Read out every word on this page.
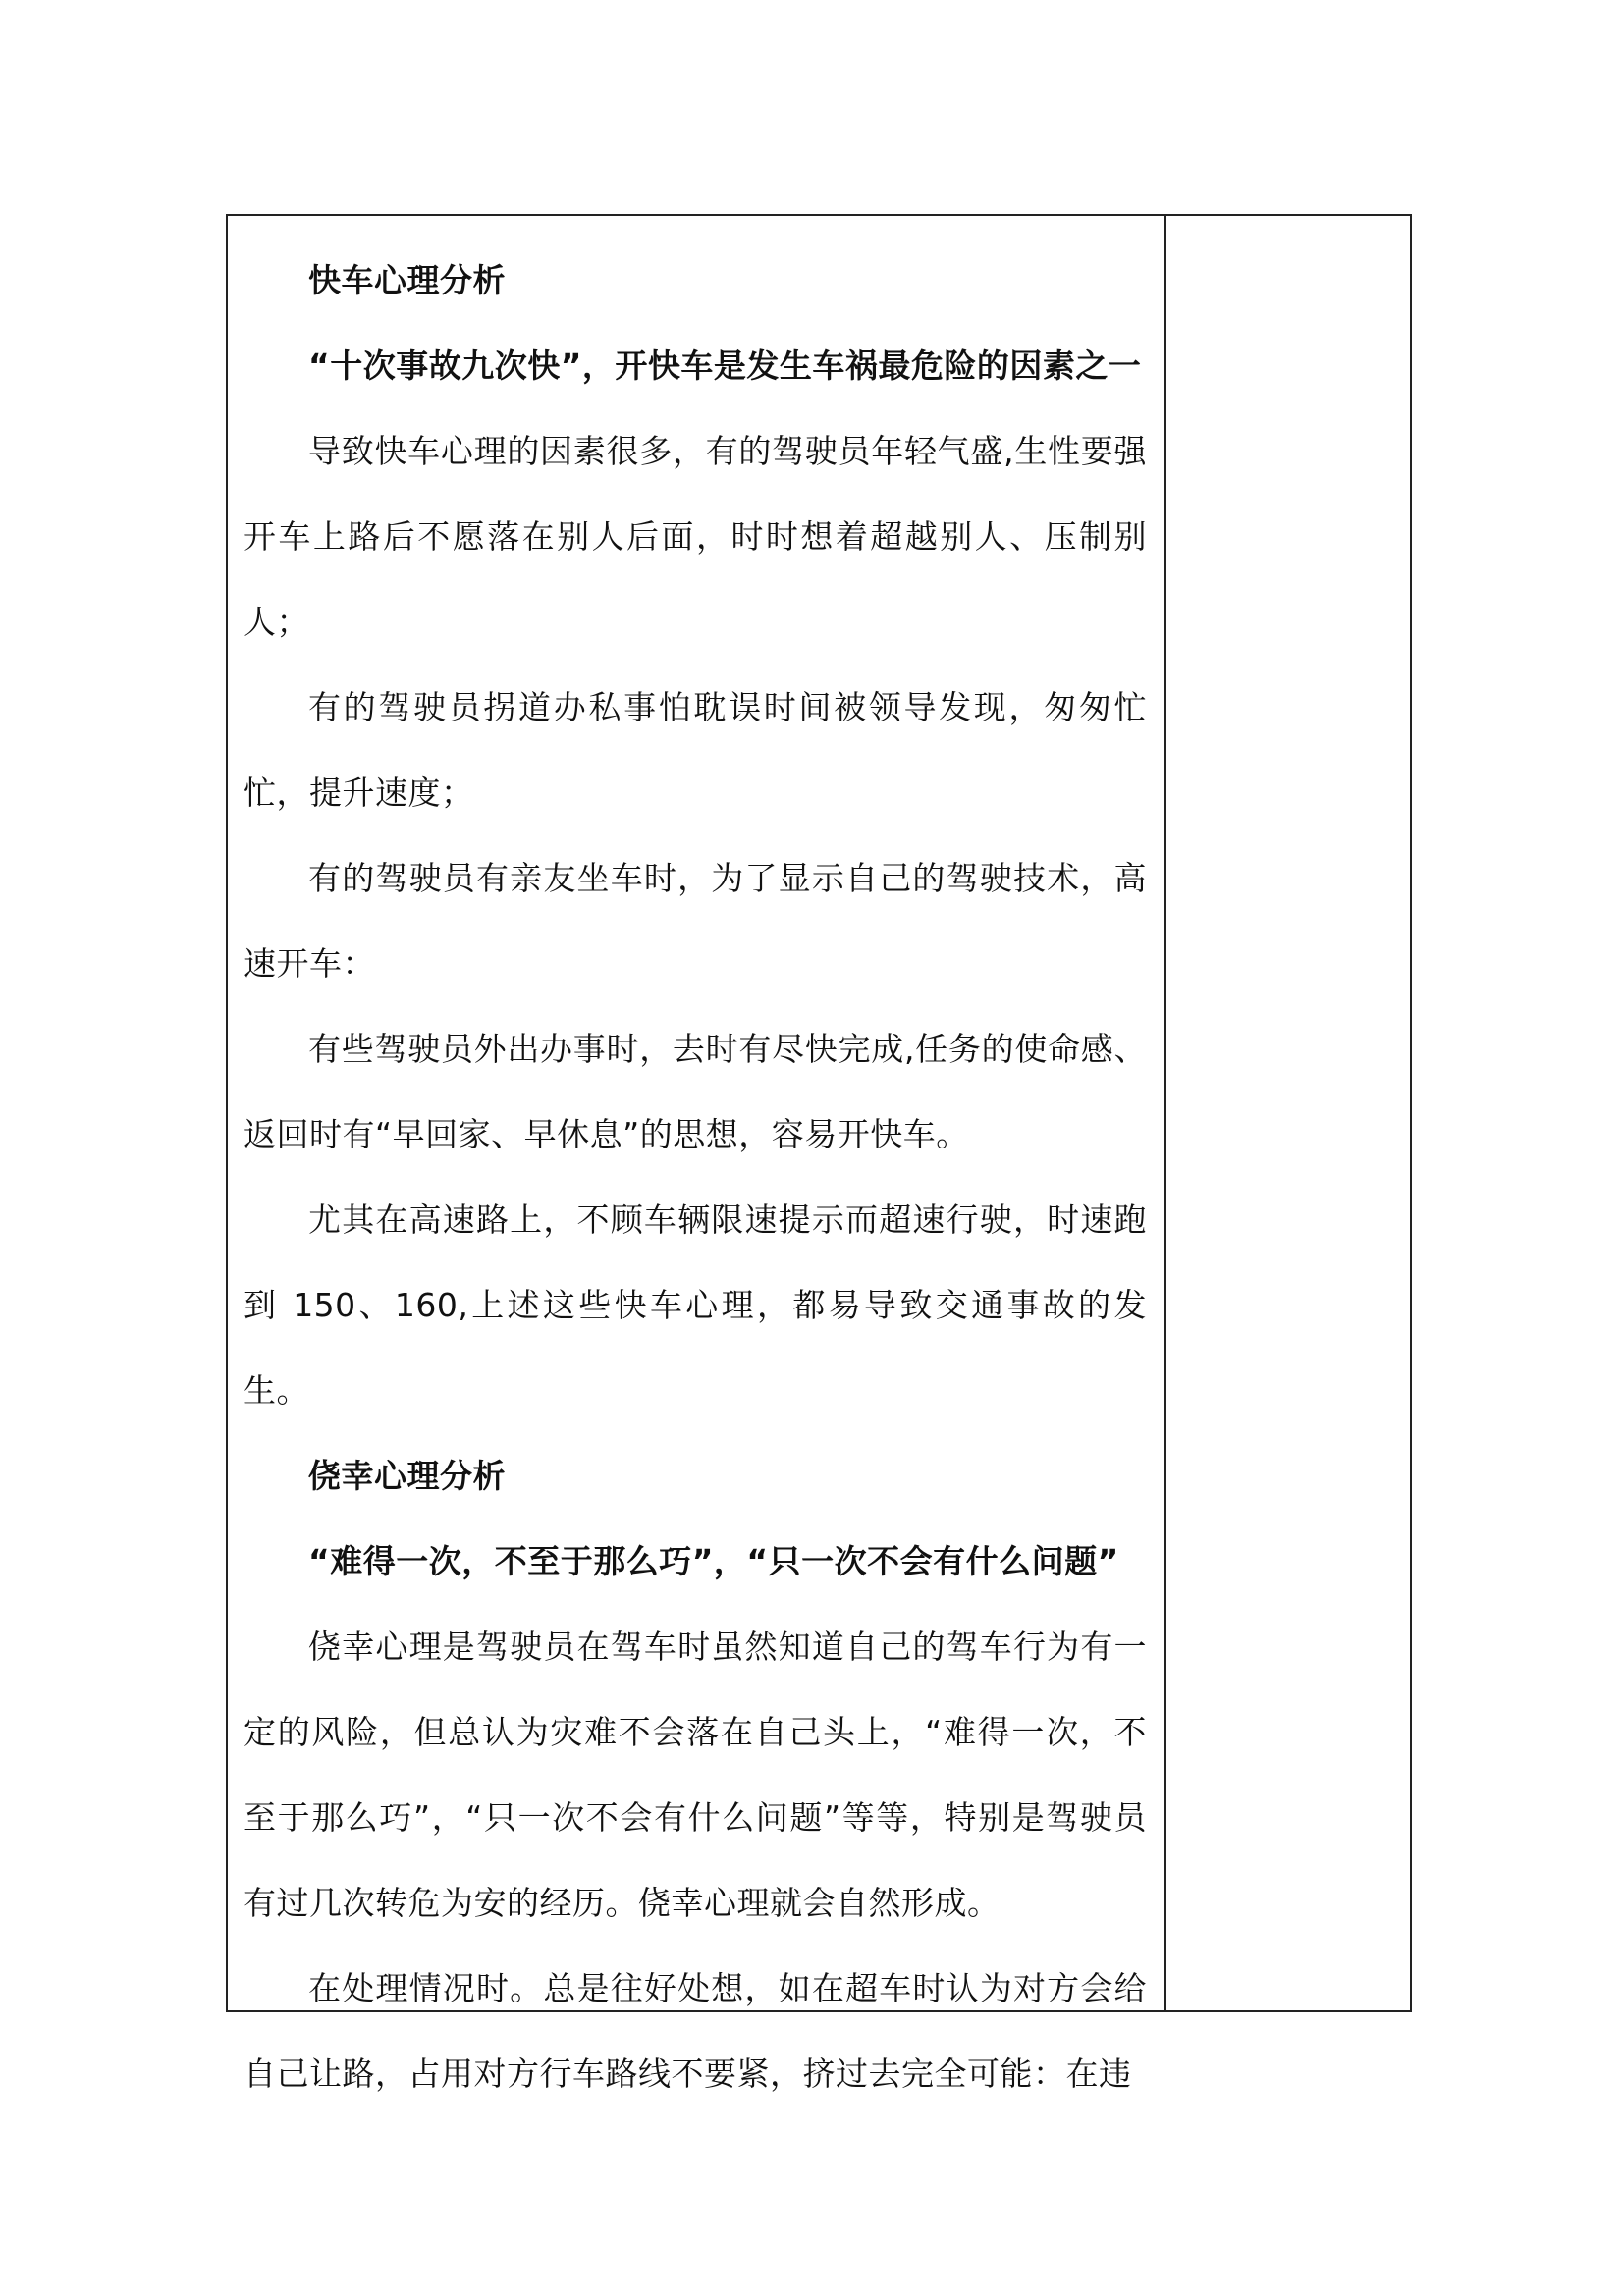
快车心理分析

“十次事故九次快”，开快车是发生车祸最危险的因素之一

导致快车心理的因素很多，有的驾驶员年轻气盛,生性要强开车上路后不愿落在别人后面，时时想着超越别人、压制别人；

有的驾驶员拐道办私事怕耽误时间被领导发现，匆匆忙忙，提升速度；

有的驾驶员有亲友坐车时，为了显示自己的驾驶技术，高速开车：

有些驾驶员外出办事时，去时有尽快完成,任务的使命感、返回时有“早回家、早休息”的思想，容易开快车。

尤其在高速路上，不顾车辆限速提示而超速行驶，时速跑到 150、160,上述这些快车心理，都易导致交通事故的发生。

侥幸心理分析

“难得一次，不至于那么巧”，“只一次不会有什么问题”

侥幸心理是驾驶员在驾车时虽然知道自己的驾车行为有一定的风险，但总认为灾难不会落在自己头上，“难得一次，不至于那么巧”，“只一次不会有什么问题”等等，特别是驾驶员有过几次转危为安的经历。侥幸心理就会自然形成。

在处理情况时。总是往好处想，如在超车时认为对方会给自己让路，占用对方行车路线不要紧，挤过去完全可能：在违
